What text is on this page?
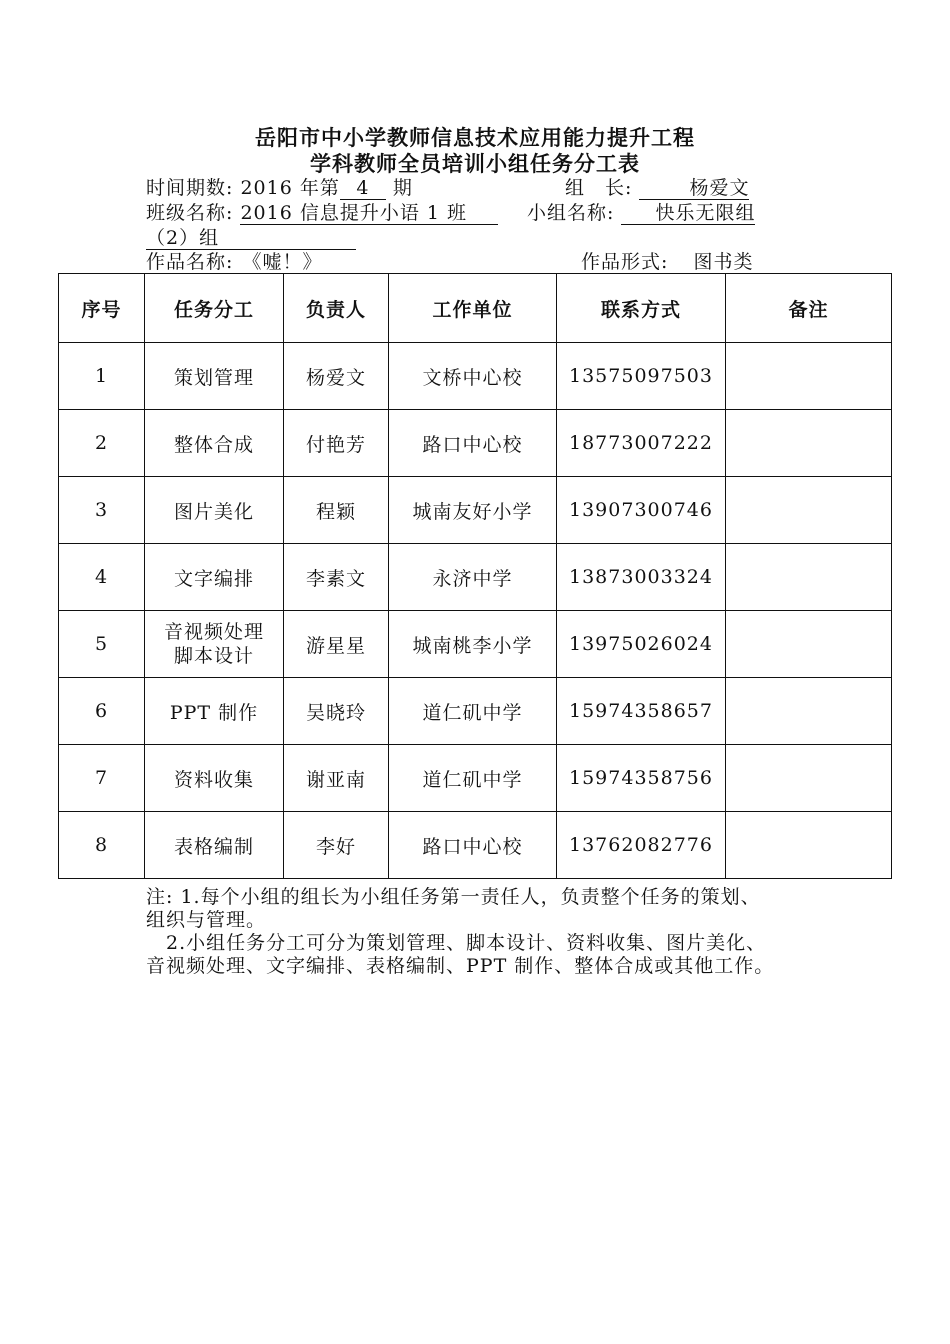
岳阳市中小学教师信息技术应用能力提升工程
学科教师全员培训小组任务分工表
时间期数: 2016 年第 4 期	组　长:	杨爱文
班级名称: 2016 信息提升小语 1 班	小组名称: 快乐无限组
（2）组
作品名称: 《嘘！》	作品形式: 图书类
序号	任务分工	负责人	工作单位	联系方式	备注
1	策划管理	杨爱文	文桥中心校	13575097503	
2	整体合成	付艳芳	路口中心校	18773007222	
3	图片美化	程颖	城南友好小学	13907300746	
4	文字编排	李素文	永济中学	13873003324	
5	音视频处理
脚本设计	游星星	城南桃李小学	13975026024	
6	PPT 制作	吴晓玲	道仁矶中学	15974358657	
7	资料收集	谢亚南	道仁矶中学	15974358756	
8	表格编制	李好	路口中心校	13762082776	

注: 1.每个小组的组长为小组任务第一责任人，负责整个任务的策划、

组织与管理。

　2.小组任务分工可分为策划管理、脚本设计、资料收集、图片美化、

音视频处理、文字编排、表格编制、PPT 制作、整体合成或其他工作。
